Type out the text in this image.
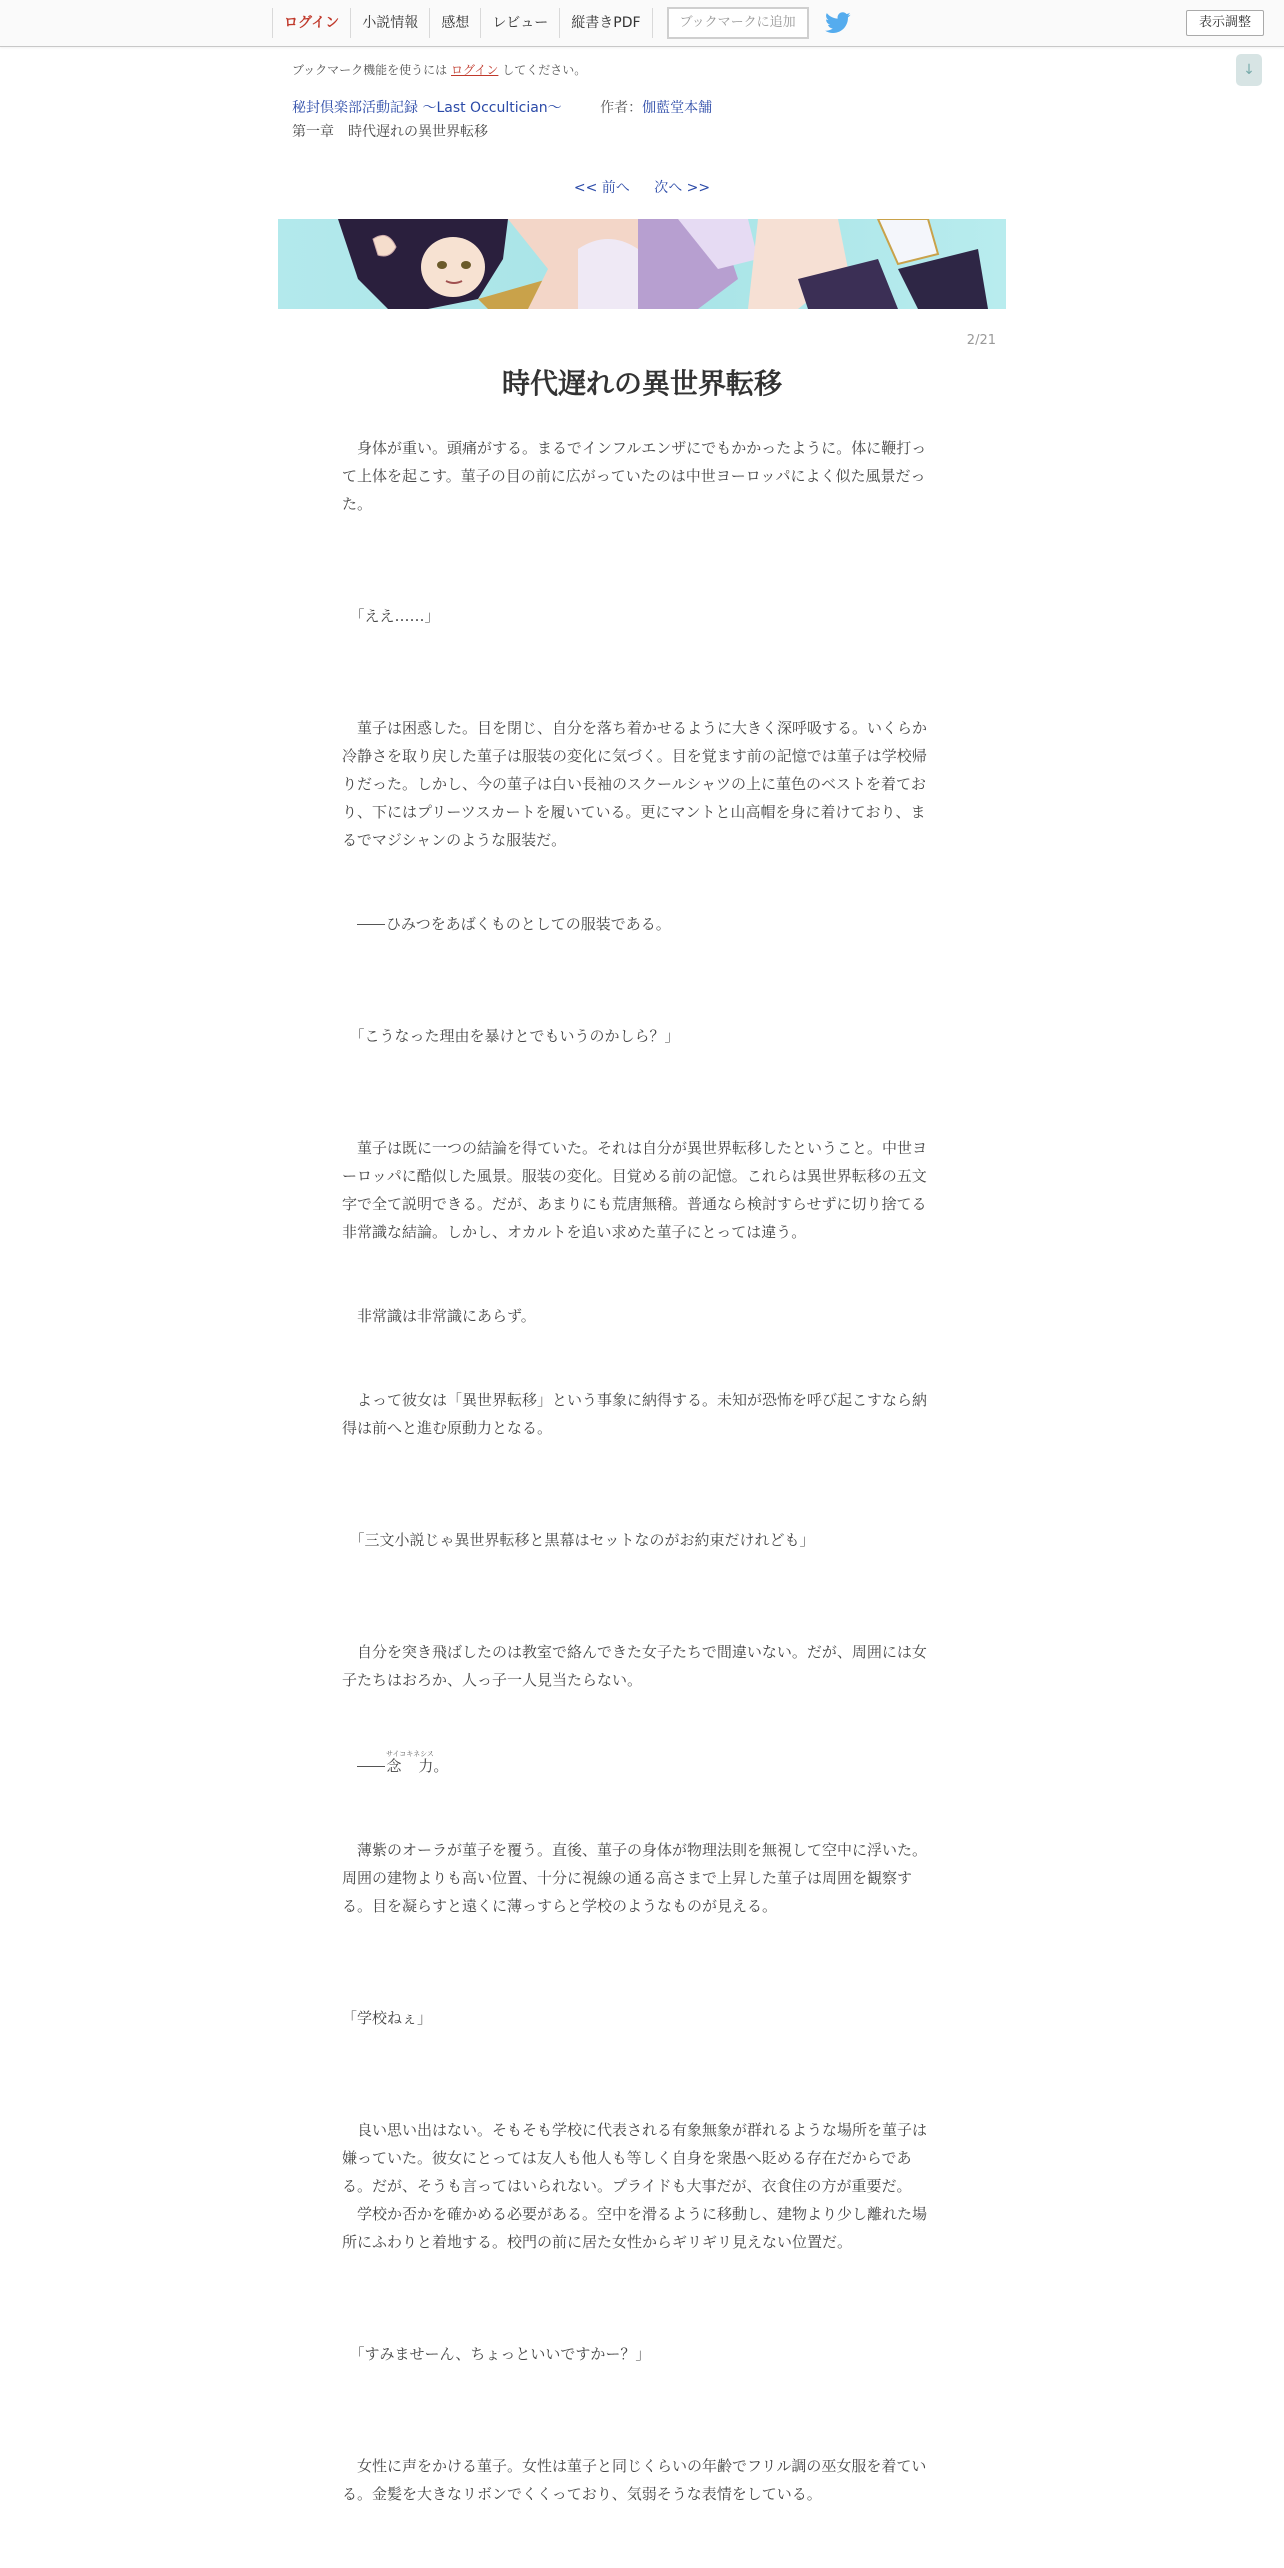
ログイン	小説情報	感想	レビュー	縦書きPDF	ブックマークに追加	表示調整
↓
ブックマーク機能を使うには ログイン してください。
秘封倶楽部活動記録 ～Last Occultician～	作者：伽藍堂本舗
第一章　時代遅れの異世界転移
<< 前へ 次へ >>
2/21
時代遅れの異世界転移

　身体が重い。頭痛がする。まるでインフルエンザにでもかかったように。体に鞭打って上体を起こす。菫子の目の前に広がっていたのは中世ヨーロッパによく似た風景だった。

　「ええ……」

　菫子は困惑した。目を閉じ、自分を落ち着かせるように大きく深呼吸する。いくらか冷静さを取り戻した菫子は服装の変化に気づく。目を覚ます前の記憶では菫子は学校帰りだった。しかし、今の菫子は白い長袖のスクールシャツの上に菫色のベストを着ており、下にはプリーツスカートを履いている。更にマントと山高帽を身に着けており、まるでマジシャンのような服装だ。

　ひみつをあばくものとしての服装である。

　「こうなった理由を暴けとでもいうのかしら？」

　菫子は既に一つの結論を得ていた。それは自分が異世界転移したということ。中世ヨーロッパに酷似した風景。服装の変化。目覚める前の記憶。これらは異世界転移の五文字で全て説明できる。だが、あまりにも荒唐無稽。普通なら検討すらせずに切り捨てる非常識な結論。しかし、オカルトを追い求めた菫子にとっては違う。

　非常識は非常識にあらず。

　よって彼女は「異世界転移」という事象に納得する。未知が恐怖を呼び起こすなら納得は前へと進む原動力となる。

　「三文小説じゃ異世界転移と黒幕はセットなのがお約束だけれども」

　自分を突き飛ばしたのは教室で絡んできた女子たちで間違いない。だが、周囲には女子たちはおろか、人っ子一人見当たらない。

　念　力サイコキネシス。

　薄紫のオーラが菫子を覆う。直後、菫子の身体が物理法則を無視して空中に浮いた。周囲の建物よりも高い位置、十分に視線の通る高さまで上昇した菫子は周囲を観察する。目を凝らすと遠くに薄っすらと学校のようなものが見える。

「学校ねぇ」

　良い思い出はない。そもそも学校に代表される有象無象が群れるような場所を菫子は嫌っていた。彼女にとっては友人も他人も等しく自身を衆愚へ貶める存在だからである。だが、そうも言ってはいられない。プライドも大事だが、衣食住の方が重要だ。

　学校か否かを確かめる必要がある。空中を滑るように移動し、建物より少し離れた場所にふわりと着地する。校門の前に居た女性からギリギリ見えない位置だ。

　「すみませーん、ちょっといいですかー？」

　女性に声をかける菫子。女性は菫子と同じくらいの年齢でフリル調の巫女服を着ている。金髪を大きなリボンでくくっており、気弱そうな表情をしている。
